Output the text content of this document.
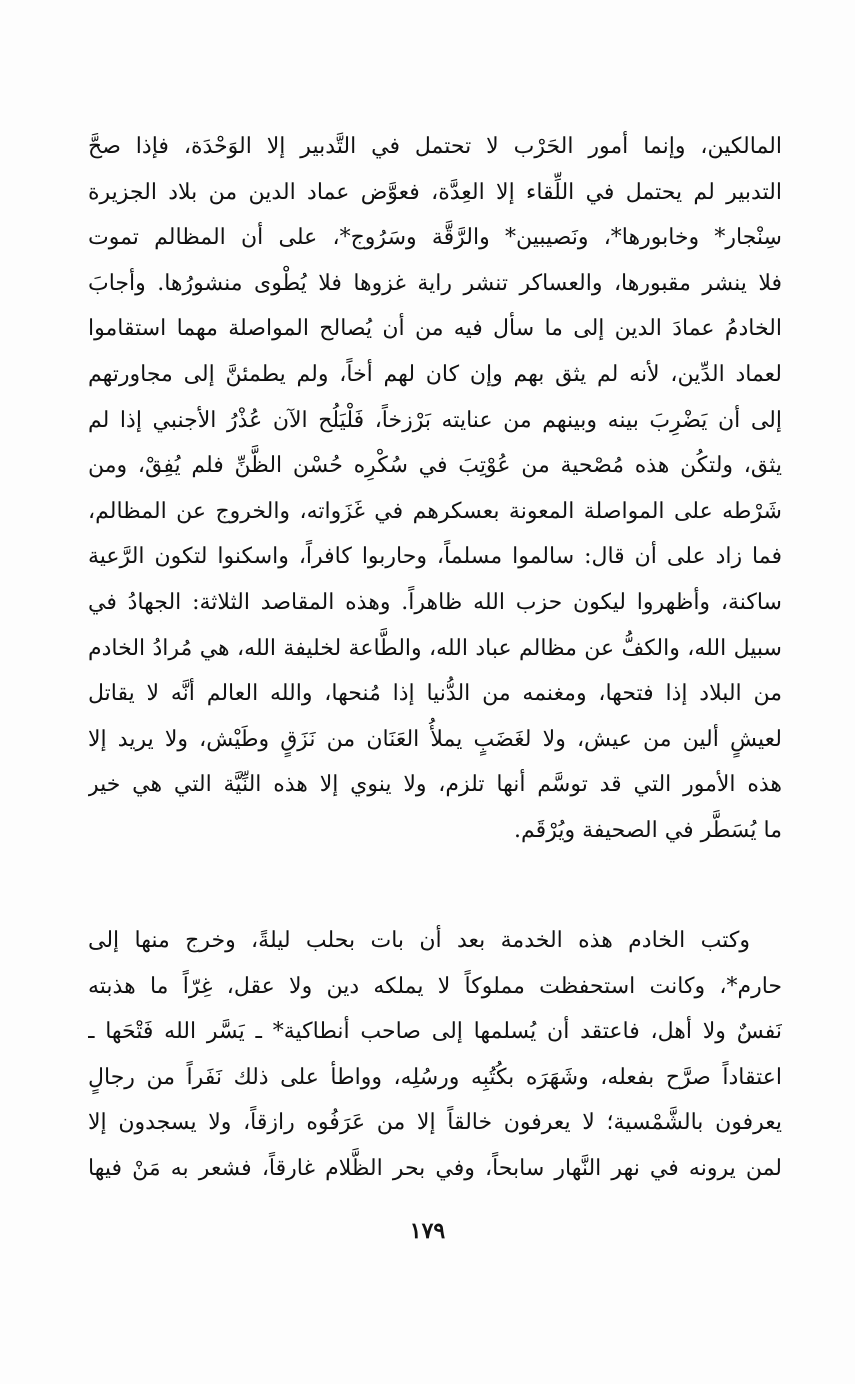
المالكين، وإنما أمور الحَرْب لا تحتمل في التَّدبير إلا الوَحْدَة، فإذا صحَّ
التدبير لم يحتمل في اللِّقاء إلا العِدَّة، فعوَّض عماد الدين من بلاد الجزيرة
سِنْجار* وخابورها*، ونَصيبين* والرَّقَّة وسَرُوج*، على أن المظالم تموت
فلا ينشر مقبورها، والعساكر تنشر راية غزوها فلا يُطْوى منشورُها. وأجابَ
الخادمُ عمادَ الدين إلى ما سأل فيه من أن يُصالح المواصلة مهما استقاموا
لعماد الدِّين، لأنه لم يثق بهم وإن كان لهم أخاً، ولم يطمئنَّ إلى مجاورتهم
إلى أن يَضْرِبَ بينه وبينهم من عنايته بَرْزخاً، فَلْيَلُح الآن عُذْرُ الأجنبي إذا لم
يثق، ولتكُن هذه مُصْحية من عُوْتِبَ في سُكْرِه حُسْن الظَّنِّ فلم يُفِقْ، ومن
شَرْطه على المواصلة المعونة بعسكرهم في غَزَواته، والخروج عن المظالم،
فما زاد على أن قال: سالموا مسلماً، وحاربوا كافراً، واسكنوا لتكون الرَّعية
ساكنة، وأظهروا ليكون حزب الله ظاهراً. وهذه المقاصد الثلاثة: الجهادُ في
سبيل الله، والكفُّ عن مظالم عباد الله، والطَّاعة لخليفة الله، هي مُرادُ الخادم
من البلاد إذا فتحها، ومغنمه من الدُّنيا إذا مُنحها، والله العالم أنَّه لا يقاتل
لعيشٍ ألين من عيش، ولا لغَضَبٍ يملأُ العَنَان من نَزَقٍ وطَيْش، ولا يريد إلا
هذه الأمور التي قد توسَّم أنها تلزم، ولا ينوي إلا هذه النِّيَّة التي هي خير
ما يُسَطَّر في الصحيفة ويُرْقَم.
وكتب الخادم هذه الخدمة بعد أن بات بحلب ليلةً، وخرج منها إلى
حارم*، وكانت استحفظت مملوكاً لا يملكه دين ولا عقل، غِرّاً ما هذبته
نَفسٌ ولا أهل، فاعتقد أن يُسلمها إلى صاحب أنطاكية* ـ يَسَّر الله فَتْحَها ـ
اعتقاداً صرَّح بفعله، وشَهَرَه بكُتُبِه ورسُلِه، وواطأ على ذلك نَفَراً من رجالٍ
يعرفون بالشَّمْسية؛ لا يعرفون خالقاً إلا من عَرَفُوه رازقاً، ولا يسجدون إلا
لمن يرونه في نهر النَّهار سابحاً، وفي بحر الظَّلام غارقاً، فشعر به مَنْ فيها
١٧٩
